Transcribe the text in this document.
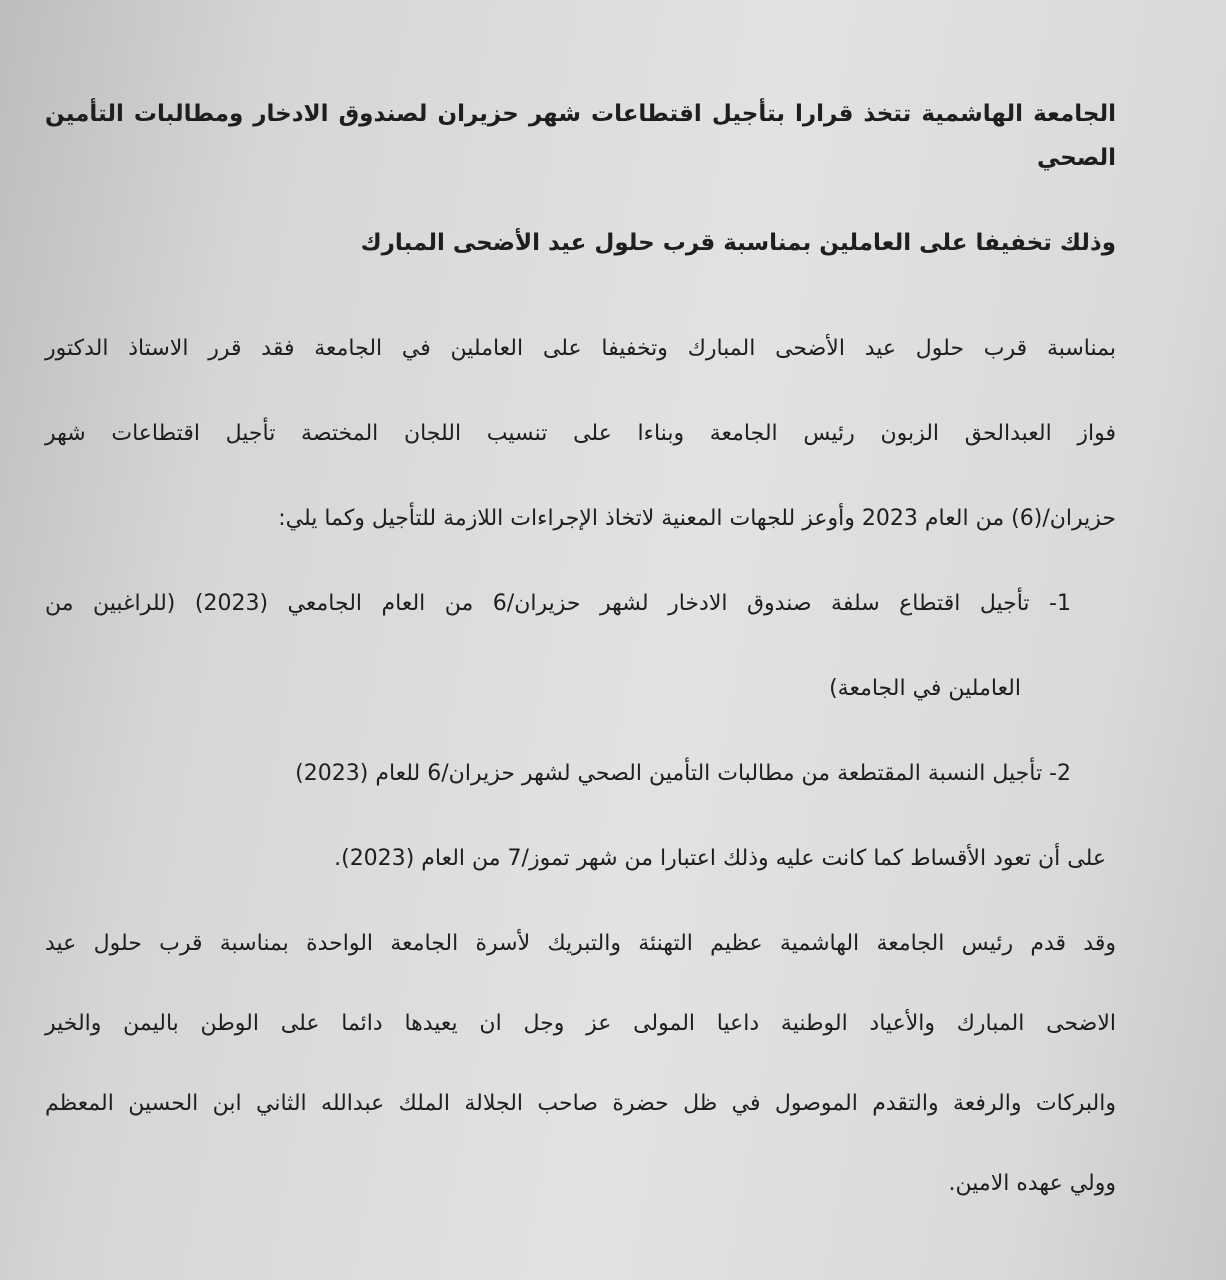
الجامعة الهاشمية تتخذ قرارا بتأجيل اقتطاعات شهر حزيران لصندوق الادخار ومطالبات التأمين الصحي
وذلك تخفيفا على العاملين بمناسبة قرب حلول عيد الأضحى المبارك
بمناسبة قرب حلول عيد الأضحى المبارك وتخفيفا على العاملين في الجامعة فقد قرر الاستاذ الدكتور
فواز العبدالحق الزبون رئيس الجامعة وبناءا على تنسيب اللجان المختصة تأجيل اقتطاعات شهر
حزيران/(6) من العام 2023 وأوعز للجهات المعنية لاتخاذ الإجراءات اللازمة للتأجيل وكما يلي:
1- تأجيل اقتطاع سلفة صندوق الادخار لشهر حزيران/6 من العام الجامعي (2023) (للراغبين من
العاملين في الجامعة)
2- تأجيل النسبة المقتطعة من مطالبات التأمين الصحي لشهر حزيران/6 للعام (2023)
على أن تعود الأقساط كما كانت عليه وذلك اعتبارا من شهر تموز/7 من العام (2023).
وقد قدم رئيس الجامعة الهاشمية عظيم التهنئة والتبريك لأسرة الجامعة الواحدة بمناسبة قرب حلول عيد
الاضحى المبارك والأعياد الوطنية داعيا المولى عز وجل ان يعيدها دائما على الوطن باليمن والخير
والبركات والرفعة والتقدم الموصول في ظل حضرة صاحب الجلالة الملك عبدالله الثاني ابن الحسين المعظم
وولي عهده الامين.
